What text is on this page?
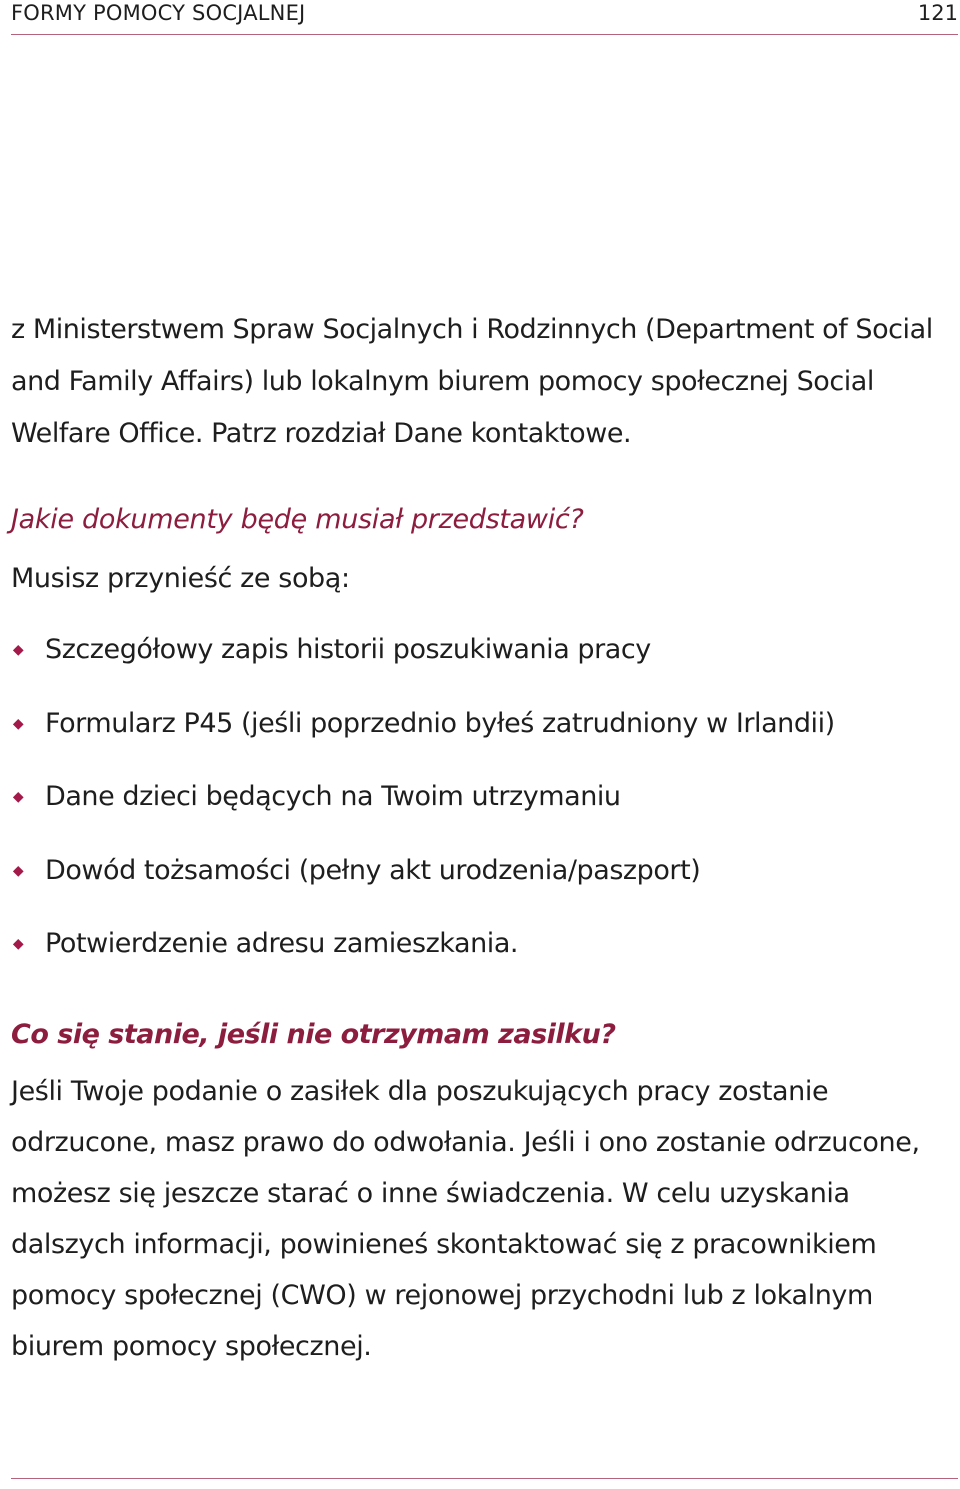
FORMY POMOCY SOCJALNEJ	121

z Ministerstwem Spraw Socjalnych i Rodzinnych (Department of Social and Family Affairs) lub lokalnym biurem pomocy społecznej Social Welfare Office. Patrz rozdział Dane kontaktowe.

Jakie dokumenty będę musiał przedstawić?

Musisz przynieść ze sobą:

◆ Szczegółowy zapis historii poszukiwania pracy
◆ Formularz P45 (jeśli poprzednio byłeś zatrudniony w Irlandii)
◆ Dane dzieci będących na Twoim utrzymaniu
◆ Dowód tożsamości (pełny akt urodzenia/paszport)
◆ Potwierdzenie adresu zamieszkania.
Co się stanie, jeśli nie otrzymam zasilku?

Jeśli Twoje podanie o zasiłek dla poszukujących pracy zostanie odrzucone, masz prawo do odwołania. Jeśli i ono zostanie odrzucone, możesz się jeszcze starać o inne świadczenia. W celu uzyskania dalszych informacji, powinieneś skontaktować się z pracownikiem pomocy społecznej (CWO) w rejonowej przychodni lub z lokalnym biurem pomocy społecznej.
